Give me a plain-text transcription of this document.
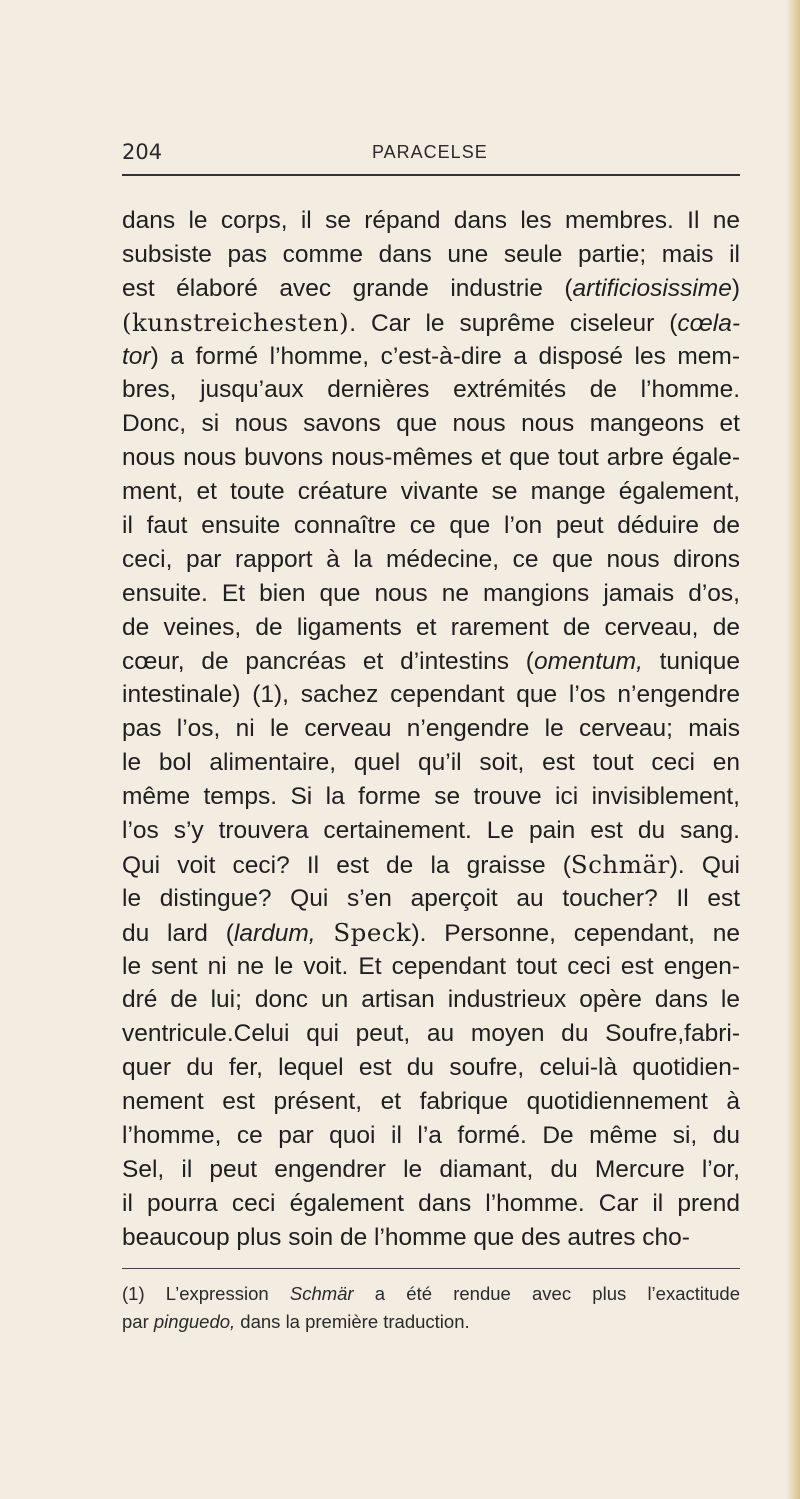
204	PARACELSE
dans le corps, il se répand dans les membres. Il ne
subsiste pas comme dans une seule partie; mais il
est élaboré avec grande industrie (artificiosissime)
(kunstreichesten). Car le suprême ciseleur (cœla-
tor) a formé l’homme, c’est-à-dire a disposé les mem-
bres, jusqu’aux dernières extrémités de l’homme.
Donc, si nous savons que nous nous mangeons et
nous nous buvons nous-mêmes et que tout arbre égale-
ment, et toute créature vivante se mange également,
il faut ensuite connaître ce que l’on peut déduire de
ceci, par rapport à la médecine, ce que nous dirons
ensuite. Et bien que nous ne mangions jamais d’os,
de veines, de ligaments et rarement de cerveau, de
cœur, de pancréas et d’intestins (omentum, tunique
intestinale) (1), sachez cependant que l’os n’engendre
pas l’os, ni le cerveau n’engendre le cerveau; mais
le bol alimentaire, quel qu’il soit, est tout ceci en
même temps. Si la forme se trouve ici invisiblement,
l’os s’y trouvera certainement. Le pain est du sang.
Qui voit ceci? Il est de la graisse (Schmär). Qui
le distingue? Qui s’en aperçoit au toucher? Il est
du lard (lardum, Speck). Personne, cependant, ne
le sent ni ne le voit. Et cependant tout ceci est engen-
dré de lui; donc un artisan industrieux opère dans le
ventricule.Celui qui peut, au moyen du Soufre,fabri-
quer du fer, lequel est du soufre, celui-là quotidien-
nement est présent, et fabrique quotidiennement à
l’homme, ce par quoi il l’a formé. De même si, du
Sel, il peut engendrer le diamant, du Mercure l’or,
il pourra ceci également dans l’homme. Car il prend
beaucoup plus soin de l’homme que des autres cho-
(1) L’expression Schmär a été rendue avec plus l’exactitude
par pinguedo, dans la première traduction.
